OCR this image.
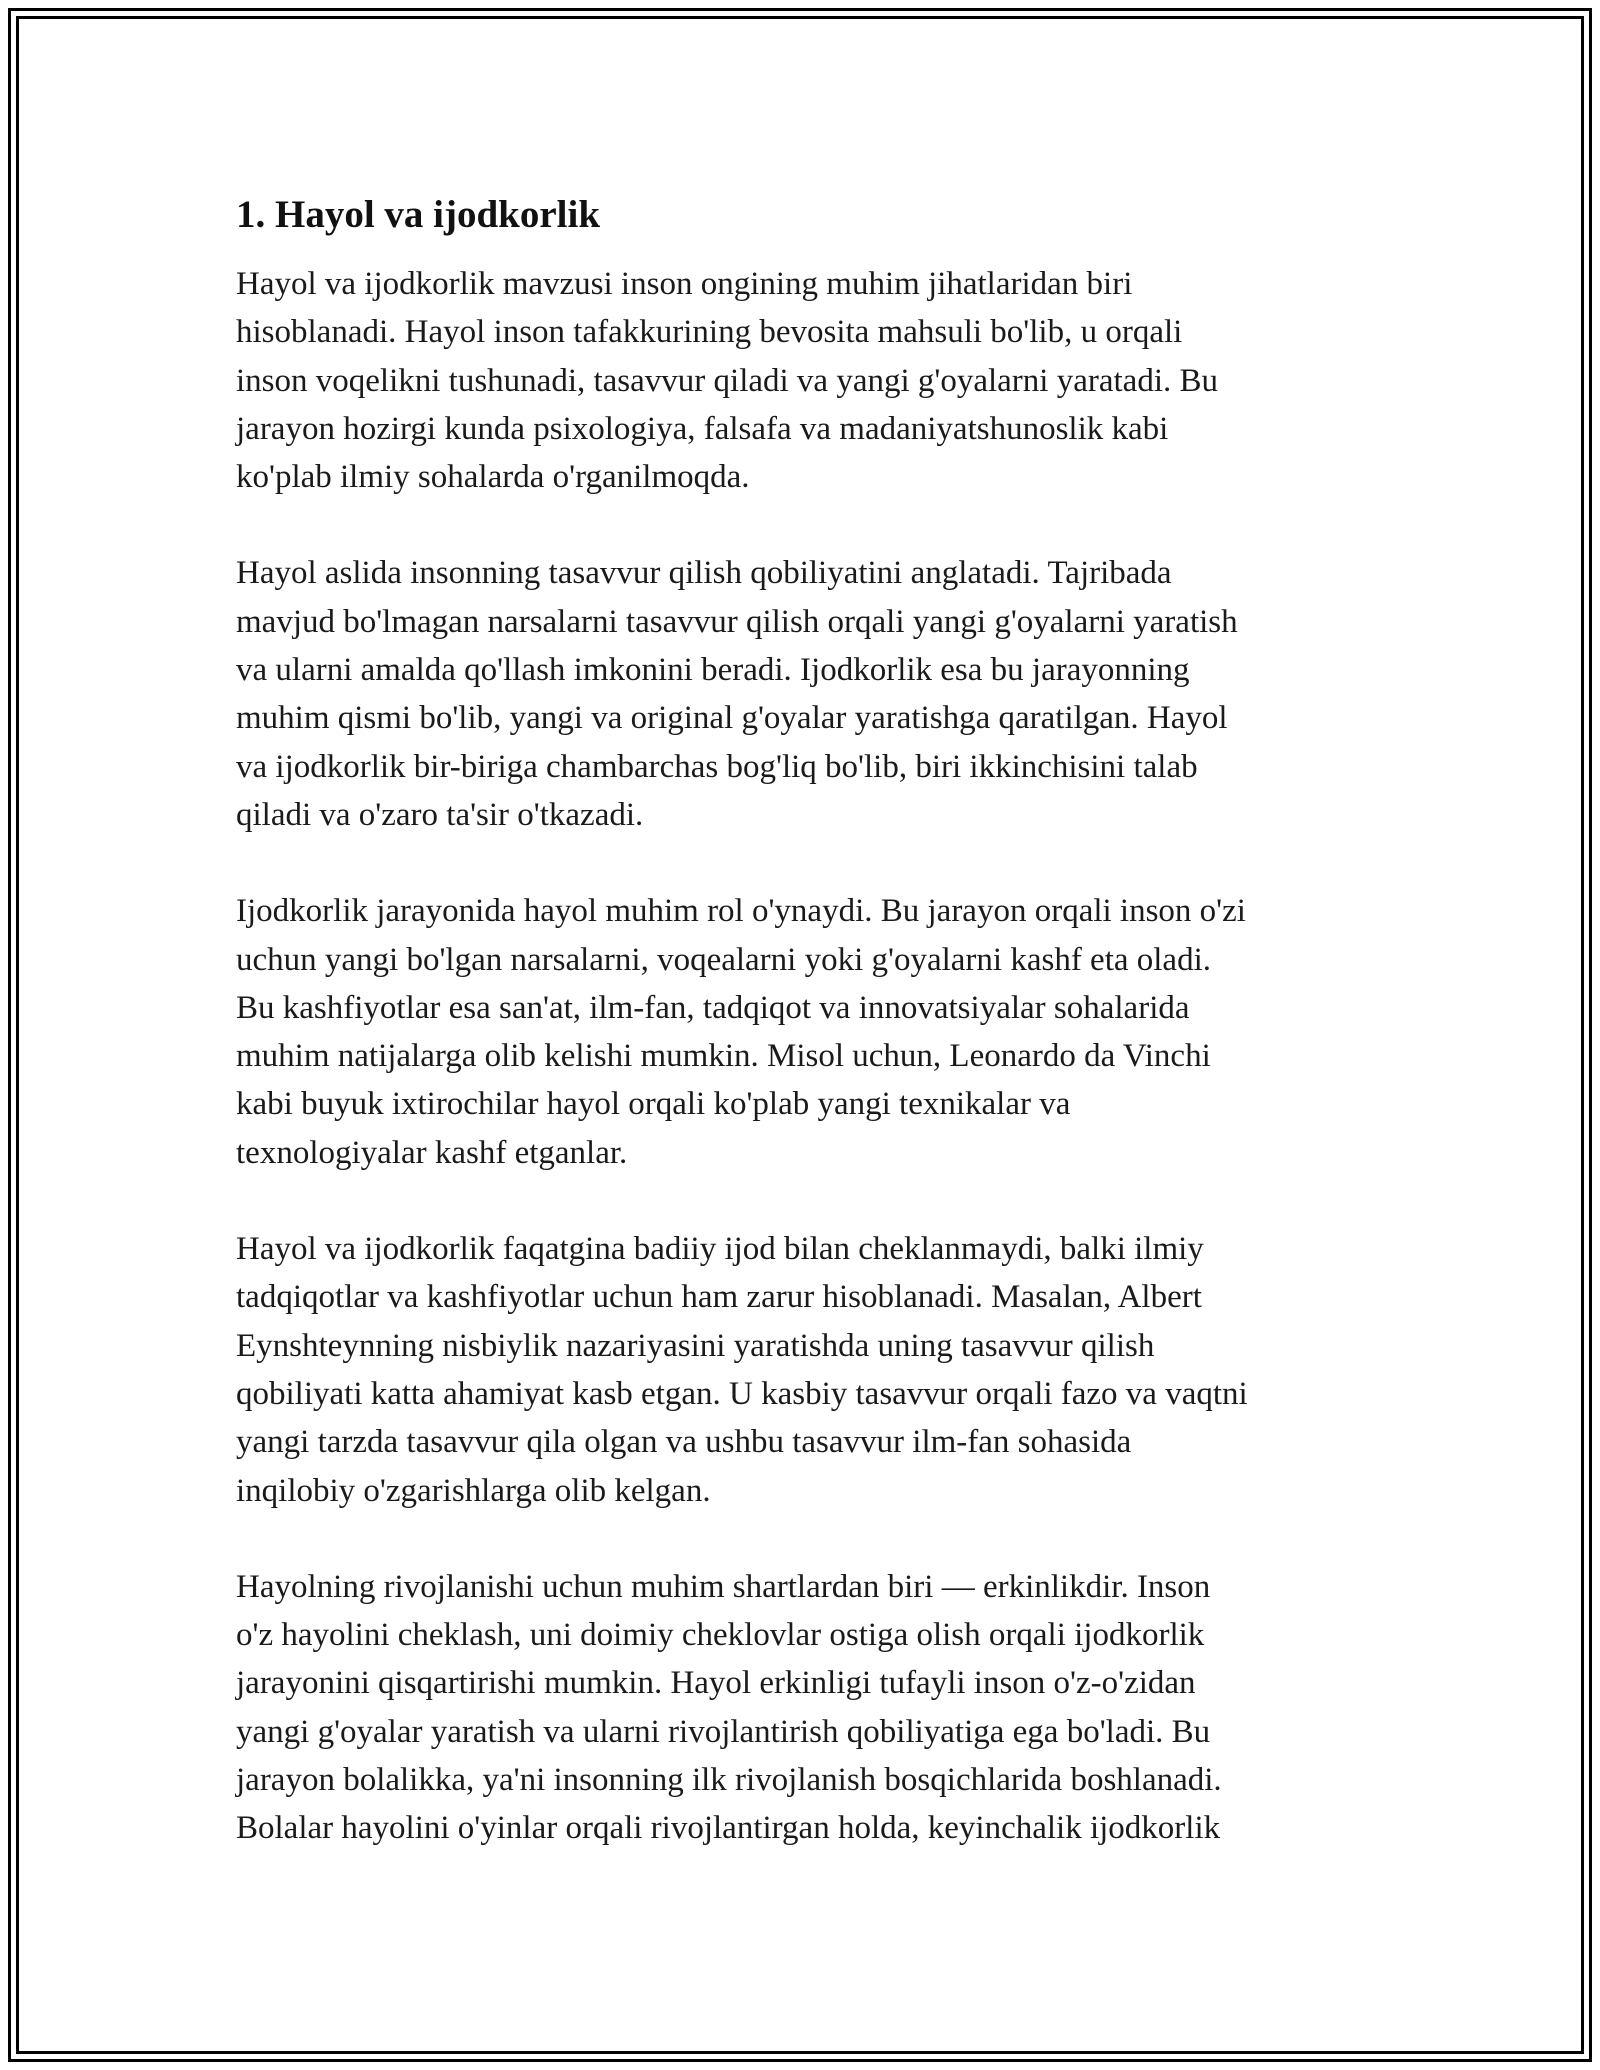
1. Hayol va ijodkorlik

Hayol va ijodkorlik mavzusi inson ongining muhim jihatlaridan biri
hisoblanadi. Hayol inson tafakkurining bevosita mahsuli bo'lib, u orqali
inson voqelikni tushunadi, tasavvur qiladi va yangi g'oyalarni yaratadi. Bu
jarayon hozirgi kunda psixologiya, falsafa va madaniyatshunoslik kabi
ko'plab ilmiy sohalarda o'rganilmoqda.

Hayol aslida insonning tasavvur qilish qobiliyatini anglatadi. Tajribada
mavjud bo'lmagan narsalarni tasavvur qilish orqali yangi g'oyalarni yaratish
va ularni amalda qo'llash imkonini beradi. Ijodkorlik esa bu jarayonning
muhim qismi bo'lib, yangi va original g'oyalar yaratishga qaratilgan. Hayol
va ijodkorlik bir-biriga chambarchas bog'liq bo'lib, biri ikkinchisini talab
qiladi va o'zaro ta'sir o'tkazadi.

Ijodkorlik jarayonida hayol muhim rol o'ynaydi. Bu jarayon orqali inson o'zi
uchun yangi bo'lgan narsalarni, voqealarni yoki g'oyalarni kashf eta oladi.
Bu kashfiyotlar esa san'at, ilm-fan, tadqiqot va innovatsiyalar sohalarida
muhim natijalarga olib kelishi mumkin. Misol uchun, Leonardo da Vinchi
kabi buyuk ixtirochilar hayol orqali ko'plab yangi texnikalar va
texnologiyalar kashf etganlar.

Hayol va ijodkorlik faqatgina badiiy ijod bilan cheklanmaydi, balki ilmiy
tadqiqotlar va kashfiyotlar uchun ham zarur hisoblanadi. Masalan, Albert
Eynshteynning nisbiylik nazariyasini yaratishda uning tasavvur qilish
qobiliyati katta ahamiyat kasb etgan. U kasbiy tasavvur orqali fazo va vaqtni
yangi tarzda tasavvur qila olgan va ushbu tasavvur ilm-fan sohasida
inqilobiy o'zgarishlarga olib kelgan.

Hayolning rivojlanishi uchun muhim shartlardan biri — erkinlikdir. Inson
o'z hayolini cheklash, uni doimiy cheklovlar ostiga olish orqali ijodkorlik
jarayonini qisqartirishi mumkin. Hayol erkinligi tufayli inson o'z-o'zidan
yangi g'oyalar yaratish va ularni rivojlantirish qobiliyatiga ega bo'ladi. Bu
jarayon bolalikka, ya'ni insonning ilk rivojlanish bosqichlarida boshlanadi.
Bolalar hayolini o'yinlar orqali rivojlantirgan holda, keyinchalik ijodkorlik
